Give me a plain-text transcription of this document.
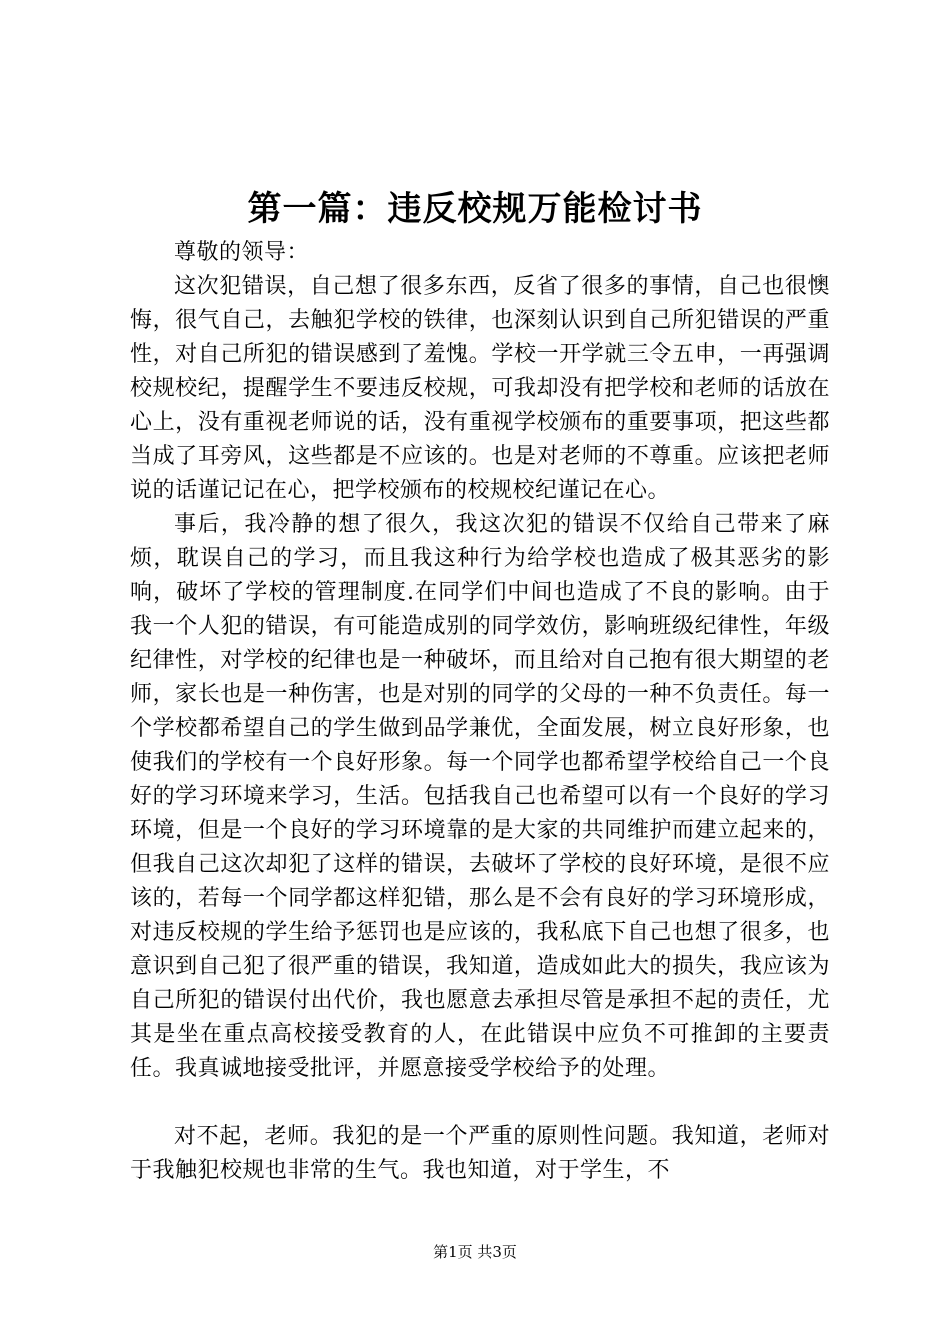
第一篇：违反校规万能检讨书

尊敬的领导：

这次犯错误，自己想了很多东西，反省了很多的事情，自己也很懊悔，很气自己，去触犯学校的铁律，也深刻认识到自己所犯错误的严重性，对自己所犯的错误感到了羞愧。学校一开学就三令五申，一再强调校规校纪，提醒学生不要违反校规，可我却没有把学校和老师的话放在心上，没有重视老师说的话，没有重视学校颁布的重要事项，把这些都当成了耳旁风，这些都是不应该的。也是对老师的不尊重。应该把老师说的话谨记记在心，把学校颁布的校规校纪谨记在心。

事后，我冷静的想了很久，我这次犯的错误不仅给自己带来了麻烦，耽误自己的学习，而且我这种行为给学校也造成了极其恶劣的影响，破坏了学校的管理制度.在同学们中间也造成了不良的影响。由于我一个人犯的错误，有可能造成别的同学效仿，影响班级纪律性，年级纪律性，对学校的纪律也是一种破坏，而且给对自己抱有很大期望的老师，家长也是一种伤害，也是对别的同学的父母的一种不负责任。每一个学校都希望自己的学生做到品学兼优，全面发展，树立良好形象，也使我们的学校有一个良好形象。每一个同学也都希望学校给自己一个良好的学习环境来学习，生活。包括我自己也希望可以有一个良好的学习环境，但是一个良好的学习环境靠的是大家的共同维护而建立起来的，但我自己这次却犯了这样的错误，去破坏了学校的良好环境，是很不应该的，若每一个同学都这样犯错，那么是不会有良好的学习环境形成，对违反校规的学生给予惩罚也是应该的，我私底下自己也想了很多，也意识到自己犯了很严重的错误，我知道，造成如此大的损失，我应该为自己所犯的错误付出代价，我也愿意去承担尽管是承担不起的责任，尤其是坐在重点高校接受教育的人，在此错误中应负不可推卸的主要责任。我真诚地接受批评，并愿意接受学校给予的处理。

对不起，老师。我犯的是一个严重的原则性问题。我知道，老师对于我触犯校规也非常的生气。我也知道，对于学生，不

第1页 共3页
